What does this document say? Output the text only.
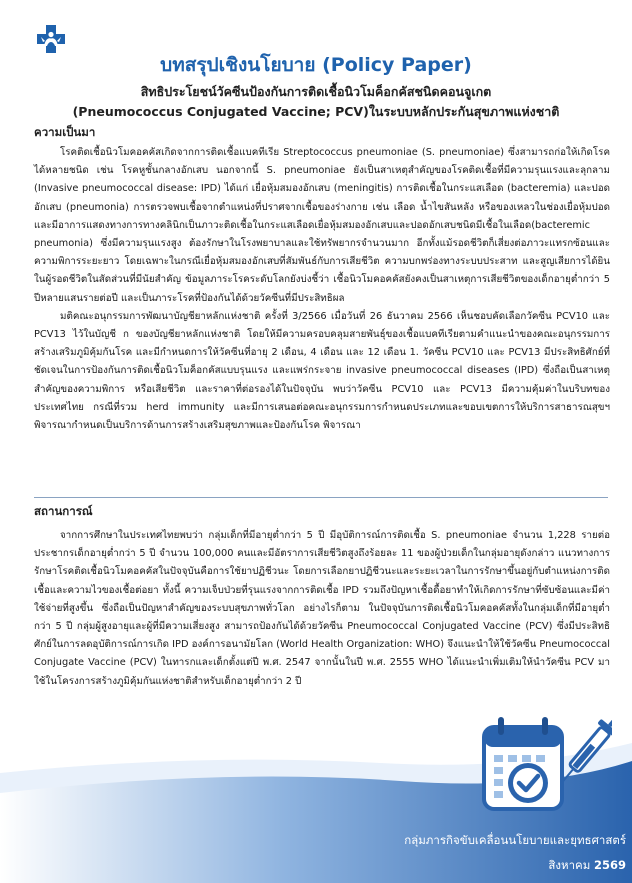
บทสรุปเชิงนโยบาย (Policy Paper)
สิทธิประโยชน์วัคซีนป้องกันการติดเชื้อนิวโมค็อกคัสชนิดคอนจูเกต
(Pneumococcus Conjugated Vaccine; PCV)ในระบบหลักประกันสุขภาพแห่งชาติ
ความเป็นมา

โรคติดเชื้อนิวโมคอคคัสเกิดจากการติดเชื้อแบคทีเรีย Streptococcus pneumoniae (S. pneumoniae) ซึ่งสามารถก่อให้เกิดโรคได้หลายชนิด เช่น โรคหูชั้นกลางอักเสบ นอกจากนี้ S. pneumoniae ยังเป็นสาเหตุสำคัญของโรคติดเชื้อที่มีความรุนแรงและลุกลาม (Invasive pneumococcal disease: IPD) ได้แก่ เยื่อหุ้มสมองอักเสบ (meningitis) การติดเชื้อในกระแสเลือด (bacteremia) และปอดอักเสบ (pneumonia) การตรวจพบเชื้อจากตำแหน่งที่ปราศจากเชื้อของร่างกาย เช่น เลือด น้ำไขสันหลัง หรือของเหลวในช่องเยื่อหุ้มปอดและมีอาการแสดงทางการทางคลินิกเป็นภาวะติดเชื้อในกระแสเลือดเยื่อหุ้มสมองอักเสบและปอดอักเสบชนิดมีเชื้อในเลือด(bacteremic pneumonia) ซึ่งมีความรุนแรงสูง ต้องรักษาในโรงพยาบาลและใช้ทรัพยากรจำนวนมาก อีกทั้งแม้รอดชีวิตก็เสี่ยงต่อภาวะแทรกซ้อนและความพิการระยะยาว โดยเฉพาะในกรณีเยื่อหุ้มสมองอักเสบที่สัมพันธ์กับการเสียชีวิต ความบกพร่องทางระบบประสาท และสูญเสียการได้ยินในผู้รอดชีวิตในสัดส่วนที่มีนัยสำคัญ ข้อมูลภาระโรคระดับโลกยังบ่งชี้ว่า เชื้อนิวโมคอคคัสยังคงเป็นสาเหตุการเสียชีวิตของเด็กอายุต่ำกว่า 5 ปีหลายแสนรายต่อปี และเป็นภาระโรคที่ป้องกันได้ด้วยวัคซีนที่มีประสิทธิผล

มติคณะอนุกรรมการพัฒนาบัญชียาหลักแห่งชาติ ครั้งที่ 3/2566 เมื่อวันที่ 26 ธันวาคม 2566 เห็นชอบคัดเลือกวัคซีน PCV10 และ PCV13 ไว้ในบัญชี ก ของบัญชียาหลักแห่งชาติ โดยให้มีความครอบคลุมสายพันธุ์ของเชื้อแบคทีเรียตามคำแนะนำของคณะอนุกรรมการสร้างเสริมภูมิคุ้มกันโรค และมีกำหนดการให้วัคซีนที่อายุ 2 เดือน, 4 เดือน และ 12 เดือน 1. วัคซีน PCV10 และ PCV13 มีประสิทธิศักย์ที่ชัดเจนในการป้องกันการติดเชื้อนิวโมค็อกคัสแบบรุนแรง และแพร่กระจาย invasive pneumococcal diseases (IPD) ซึ่งถือเป็นสาเหตุสำคัญของความพิการ หรือเสียชีวิต และราคาที่ต่อรองได้ในปัจจุบัน พบว่าวัคซีน PCV10 และ PCV13 มีความคุ้มค่าในบริบทของประเทศไทย กรณีที่รวม herd immunity และมีการเสนอต่อคณะอนุกรรมการกำหนดประเภทและขอบเขตการให้บริการสาธารณสุขฯ พิจารณากำหนดเป็นบริการด้านการสร้างเสริมสุขภาพและป้องกันโรค พิจารณา

สถานการณ์

จากการศึกษาในประเทศไทยพบว่า กลุ่มเด็กที่มีอายุต่ำกว่า 5 ปี มีอุบัติการณ์การติดเชื้อ S. pneumoniae จำนวน 1,228 รายต่อประชากรเด็กอายุต่ำกว่า 5 ปี จำนวน 100,000 คนและมีอัตราการเสียชีวิตสูงถึงร้อยละ 11 ของผู้ป่วยเด็กในกลุ่มอายุดังกล่าว แนวทางการรักษาโรคติดเชื้อนิวโมคอคคัสในปัจจุบันคือการใช้ยาปฏิชีวนะ โดยการเลือกยาปฏิชีวนะและระยะเวลาในการรักษาขึ้นอยู่กับตำแหน่งการติดเชื้อและความไวของเชื้อต่อยา ทั้งนี้ ความเจ็บป่วยที่รุนแรงจากการติดเชื้อ IPD รวมถึงปัญหาเชื้อดื้อยาทำให้เกิดการรักษาที่ซับซ้อนและมีค่าใช้จ่ายที่สูงขึ้น ซึ่งถือเป็นปัญหาสำคัญของระบบสุขภาพทั่วโลก อย่างไรก็ตาม ในปัจจุบันการติดเชื้อนิวโมคอคคัสทั้งในกลุ่มเด็กที่มีอายุต่ำกว่า 5 ปี กลุ่มผู้สูงอายุและผู้ที่มีความเสี่ยงสูง สามารถป้องกันได้ด้วยวัคซีน Pneumococcal Conjugated Vaccine (PCV) ซึ่งมีประสิทธิศักย์ในการลดอุบัติการณ์การเกิด IPD องค์การอนามัยโลก (World Health Organization: WHO) จึงแนะนำให้ใช้วัคซีน Pneumococcal Conjugate Vaccine (PCV) ในทารกและเด็กตั้งแต่ปี พ.ศ. 2547 จากนั้นในปี พ.ศ. 2555 WHO ได้แนะนำเพิ่มเติมให้นำวัคซีน PCV มาใช้ในโครงการสร้างภูมิคุ้มกันแห่งชาติสำหรับเด็กอายุต่ำกว่า 2 ปี

กลุ่มภารกิจขับเคลื่อนนโยบายและยุทธศาสตร์
สิงหาคม 2569
